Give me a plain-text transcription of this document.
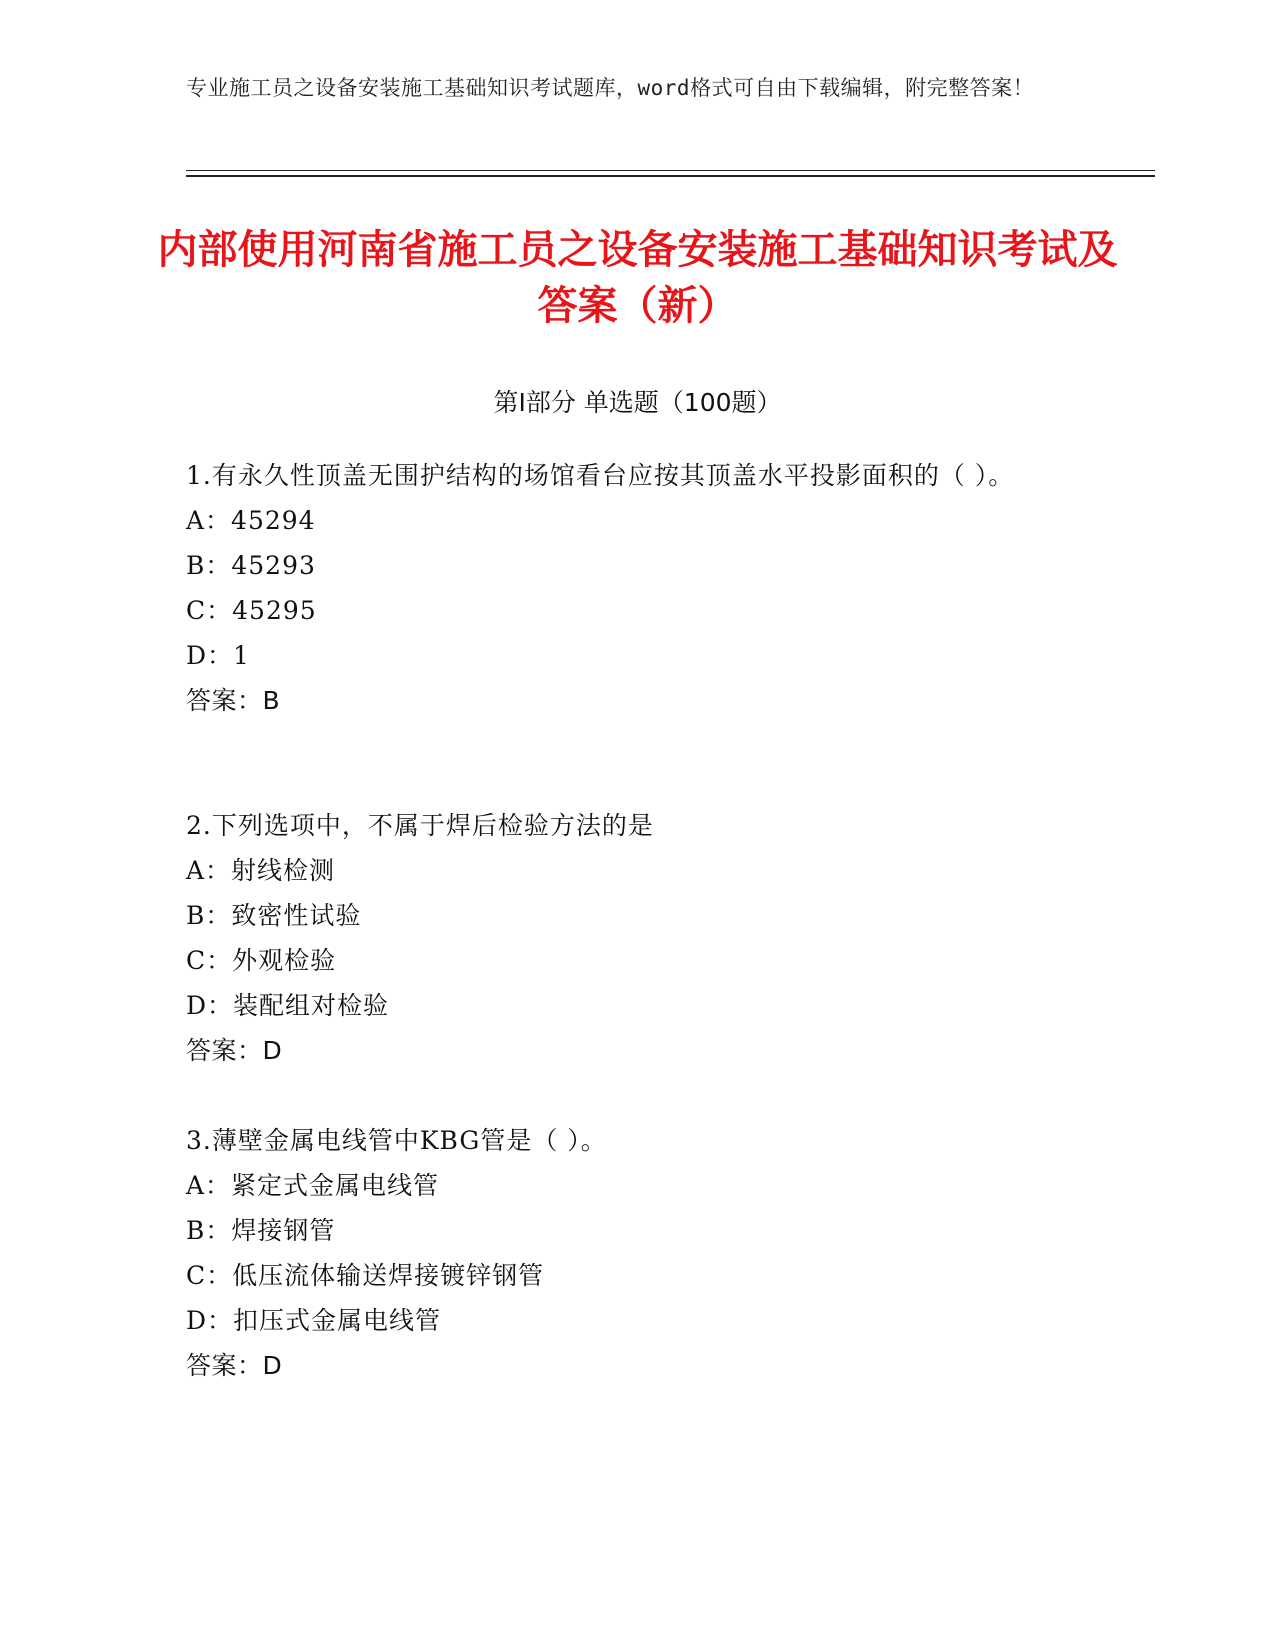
专业施工员之设备安装施工基础知识考试题库，word格式可自由下载编辑，附完整答案！
内部使用河南省施工员之设备安装施工基础知识考试及答案（新）
第Ⅰ部分 单选题（100题）
1.有永久性顶盖无围护结构的场馆看台应按其顶盖水平投影面积的（ ）。
A：45294
B：45293
C：45295
D：1
答案：B
2.下列选项中，不属于焊后检验方法的是
A：射线检测
B：致密性试验
C：外观检验
D：装配组对检验
答案：D
3.薄壁金属电线管中KBG管是（ ）。
A：紧定式金属电线管
B：焊接钢管
C：低压流体输送焊接镀锌钢管
D：扣压式金属电线管
答案：D
